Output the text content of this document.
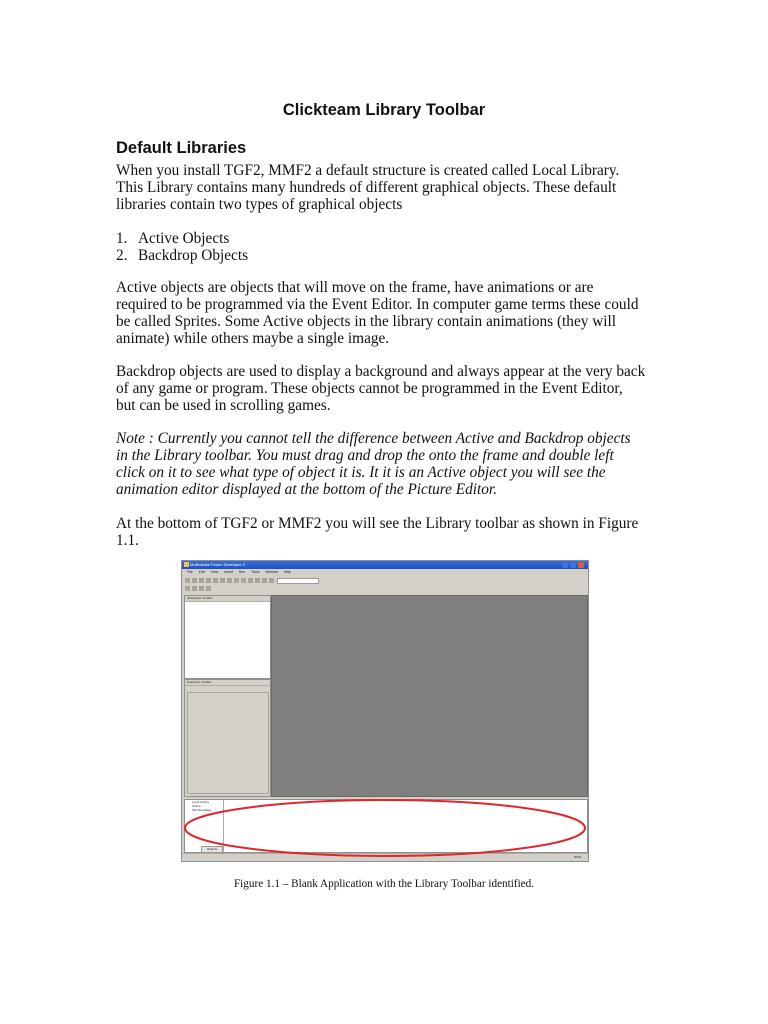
Clickteam Library Toolbar
Default Libraries

When you install TGF2, MMF2 a default structure is created called Local Library.
This Library contains many hundreds of different graphical objects. These default
libraries contain two types of graphical objects

1. Active Objects
2. Backdrop Objects

Active objects are objects that will move on the frame, have animations or are
required to be programmed via the Event Editor. In computer game terms these could
be called Sprites. Some Active objects in the library contain animations (they will
animate) while others maybe a single image.

Backdrop objects are used to display a background and always appear at the very back
of any game or program. These objects cannot be programmed in the Event Editor,
but can be used in scrolling games.

Note : Currently you cannot tell the difference between Active and Backdrop objects
in the Library toolbar. You must drag and drop the onto the frame and double left
click on it to see what type of object it is. It it is an Active object you will see the
animation editor displayed at the bottom of the Picture Editor.

At the bottom of TGF2 or MMF2 you will see the Library toolbar as shown in Figure
1.1.

Multimedia Fusion Developer 2
File Edit View Insert Run Tools Window Help
Workspace Toolbar
Properties Toolbar
Local Library
Online
Old Templates
Objects
NUM
Figure 1.1 – Blank Application with the Library Toolbar identified.
